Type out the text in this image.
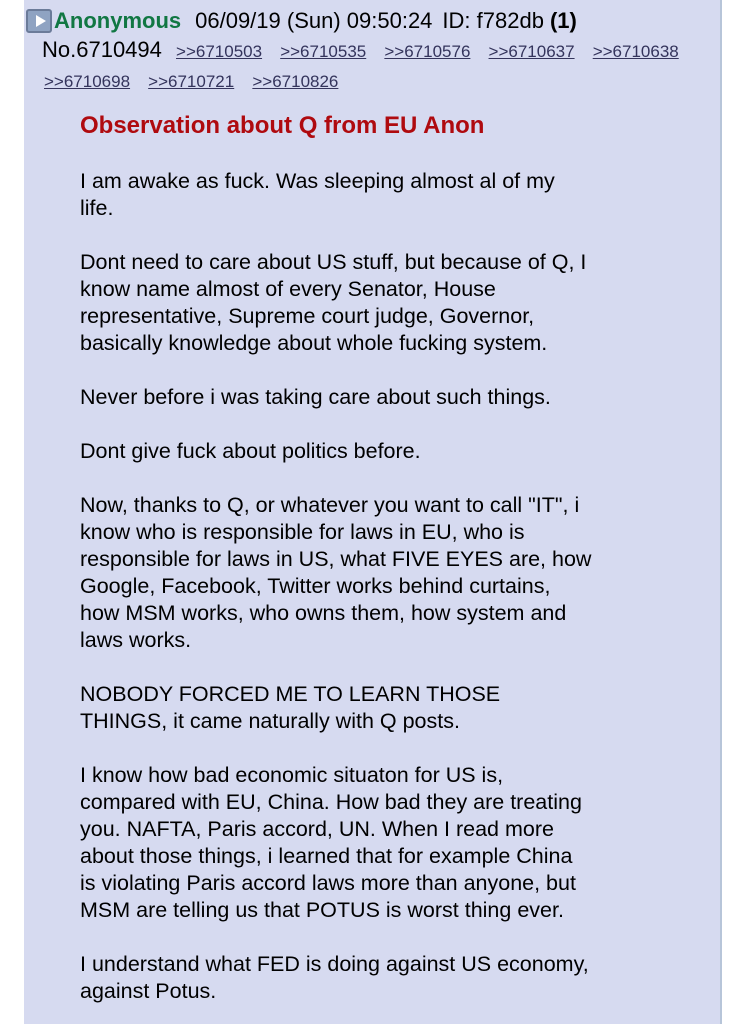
Anonymous 06/09/19 (Sun) 09:50:24 ID: f782db (1)
No.6710494 >>6710503 >>6710535 >>6710576 >>6710637 >>6710638
>>6710698 >>6710721 >>6710826
Observation about Q from EU Anon

I am awake as fuck. Was sleeping almost al of my
life.

Dont need to care about US stuff, but because of Q, I
know name almost of every Senator, House
representative, Supreme court judge, Governor,
basically knowledge about whole fucking system.

Never before i was taking care about such things.

Dont give fuck about politics before.

Now, thanks to Q, or whatever you want to call "IT", i
know who is responsible for laws in EU, who is
responsible for laws in US, what FIVE EYES are, how
Google, Facebook, Twitter works behind curtains,
how MSM works, who owns them, how system and
laws works.

NOBODY FORCED ME TO LEARN THOSE
THINGS, it came naturally with Q posts.

I know how bad economic situaton for US is,
compared with EU, China. How bad they are treating
you. NAFTA, Paris accord, UN. When I read more
about those things, i learned that for example China
is violating Paris accord laws more than anyone, but
MSM are telling us that POTUS is worst thing ever.

I understand what FED is doing against US economy,
against Potus.
